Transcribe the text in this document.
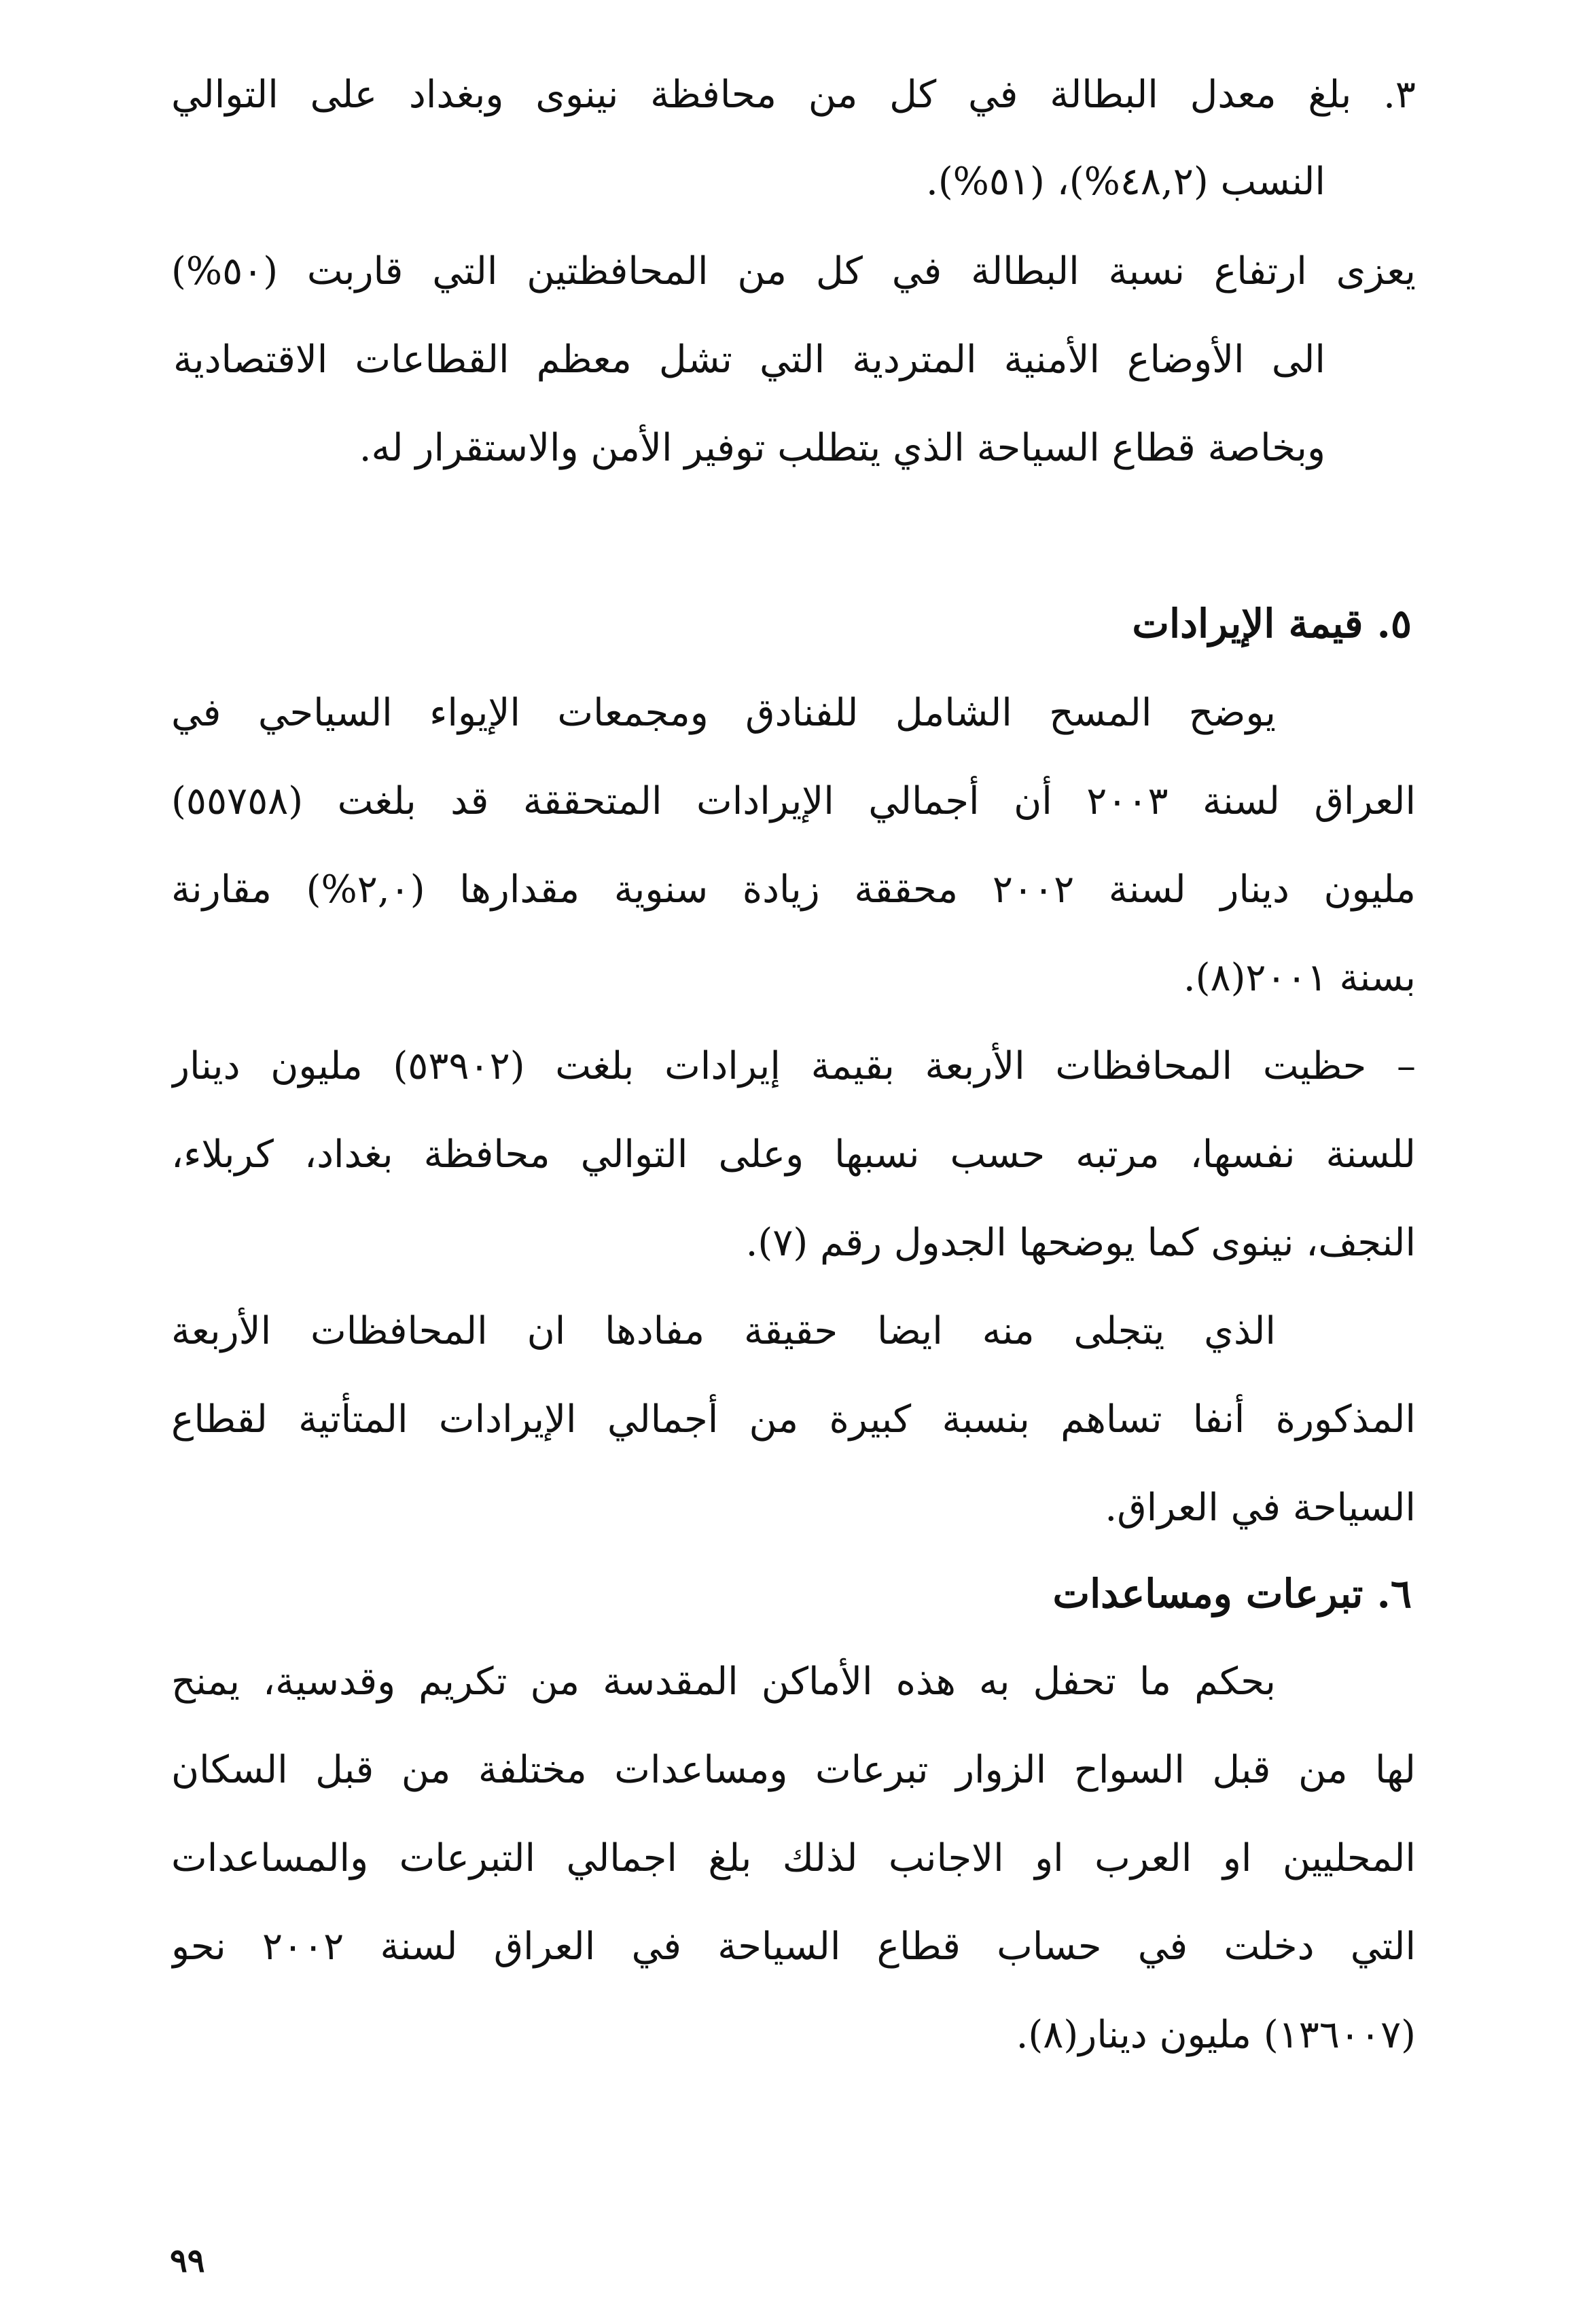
٣. بلغ معدل البطالة في كل من محافظة نينوى وبغداد على التوالي
النسب (٤٨,٢%)، (٥١%).
يعزى ارتفاع نسبة البطالة في كل من المحافظتين التي قاربت (٥٠%)
الى الأوضاع الأمنية المتردية التي تشل معظم القطاعات الاقتصادية
وبخاصة قطاع السياحة الذي يتطلب توفير الأمن والاستقرار له.
٥. قيمة الإيرادات
يوضح المسح الشامل للفنادق ومجمعات الإيواء السياحي في
العراق لسنة ٢٠٠٣ أن أجمالي الإيرادات المتحققة قد بلغت (٥٥٧٥٨)
مليون دينار لسنة ٢٠٠٢ محققة زيادة سنوية مقدارها (٢,٠%) مقارنة
بسنة ٢٠٠١(٨).
– حظيت المحافظات الأربعة بقيمة إيرادات بلغت (٥٣٩٠٢) مليون دينار
للسنة نفسها، مرتبه حسب نسبها وعلى التوالي محافظة بغداد، كربلاء،
النجف، نينوى كما يوضحها الجدول رقم (٧).
الذي يتجلى منه ايضا حقيقة مفادها ان المحافظات الأربعة
المذكورة أنفا تساهم بنسبة كبيرة من أجمالي الإيرادات المتأتية لقطاع
السياحة في العراق.
٦. تبرعات ومساعدات
بحكم ما تحفل به هذه الأماكن المقدسة من تكريم وقدسية، يمنح
لها من قبل السواح الزوار تبرعات ومساعدات مختلفة من قبل السكان
المحليين او العرب او الاجانب لذلك بلغ اجمالي التبرعات والمساعدات
التي دخلت في حساب قطاع السياحة في العراق لسنة ٢٠٠٢ نحو
(١٣٦٠٠٧) مليون دينار(٨).
٩٩
